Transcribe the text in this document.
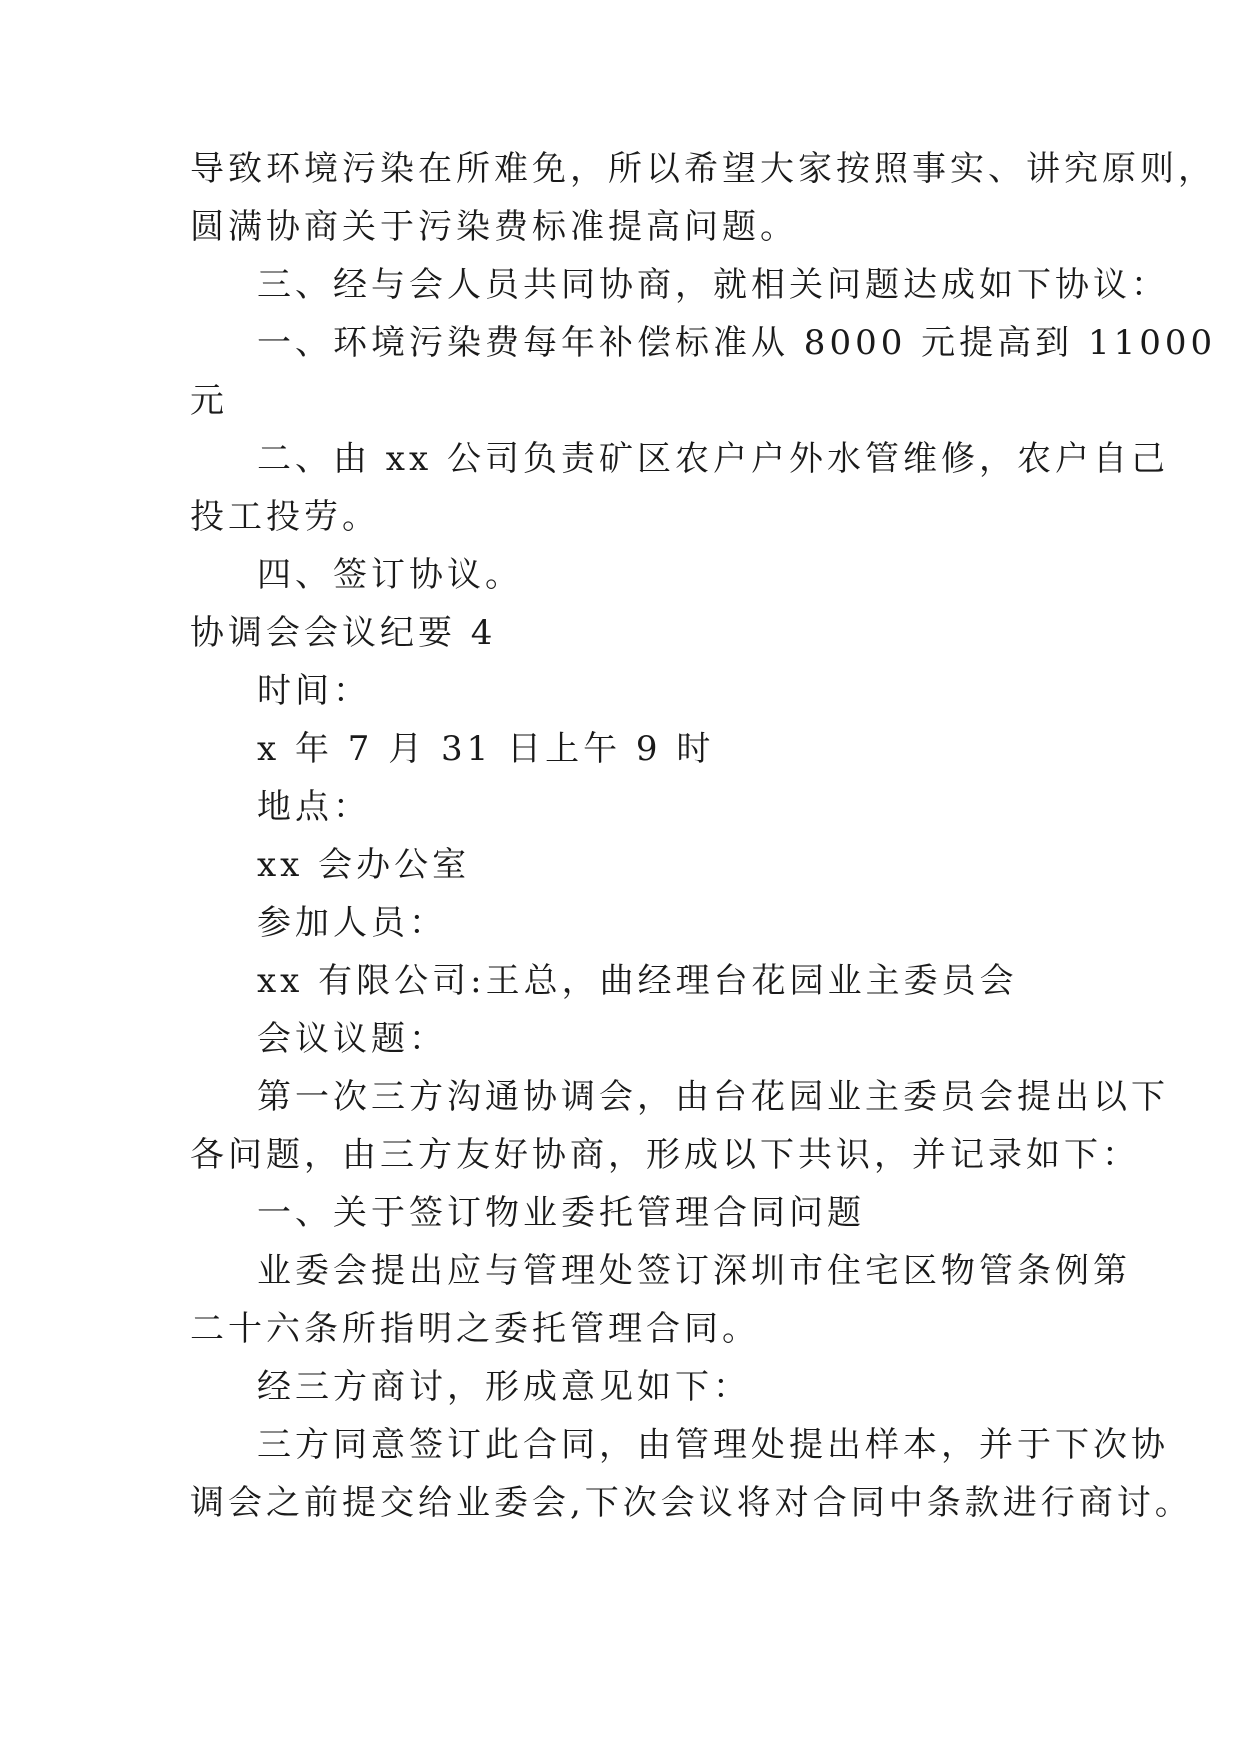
导致环境污染在所难免，所以希望大家按照事实、讲究原则，
圆满协商关于污染费标准提高问题。
三、经与会人员共同协商，就相关问题达成如下协议：
一、环境污染费每年补偿标准从 8000 元提高到 11000
元
二、由 xx 公司负责矿区农户户外水管维修，农户自己
投工投劳。
四、签订协议。
协调会会议纪要 4
时间：
x 年 7 月 31 日上午 9 时
地点：
xx 会办公室
参加人员：
xx 有限公司:王总，曲经理台花园业主委员会
会议议题：
第一次三方沟通协调会，由台花园业主委员会提出以下
各问题，由三方友好协商，形成以下共识，并记录如下：
一、关于签订物业委托管理合同问题
业委会提出应与管理处签订深圳市住宅区物管条例第
二十六条所指明之委托管理合同。
经三方商讨，形成意见如下：
三方同意签订此合同，由管理处提出样本，并于下次协
调会之前提交给业委会,下次会议将对合同中条款进行商讨。
